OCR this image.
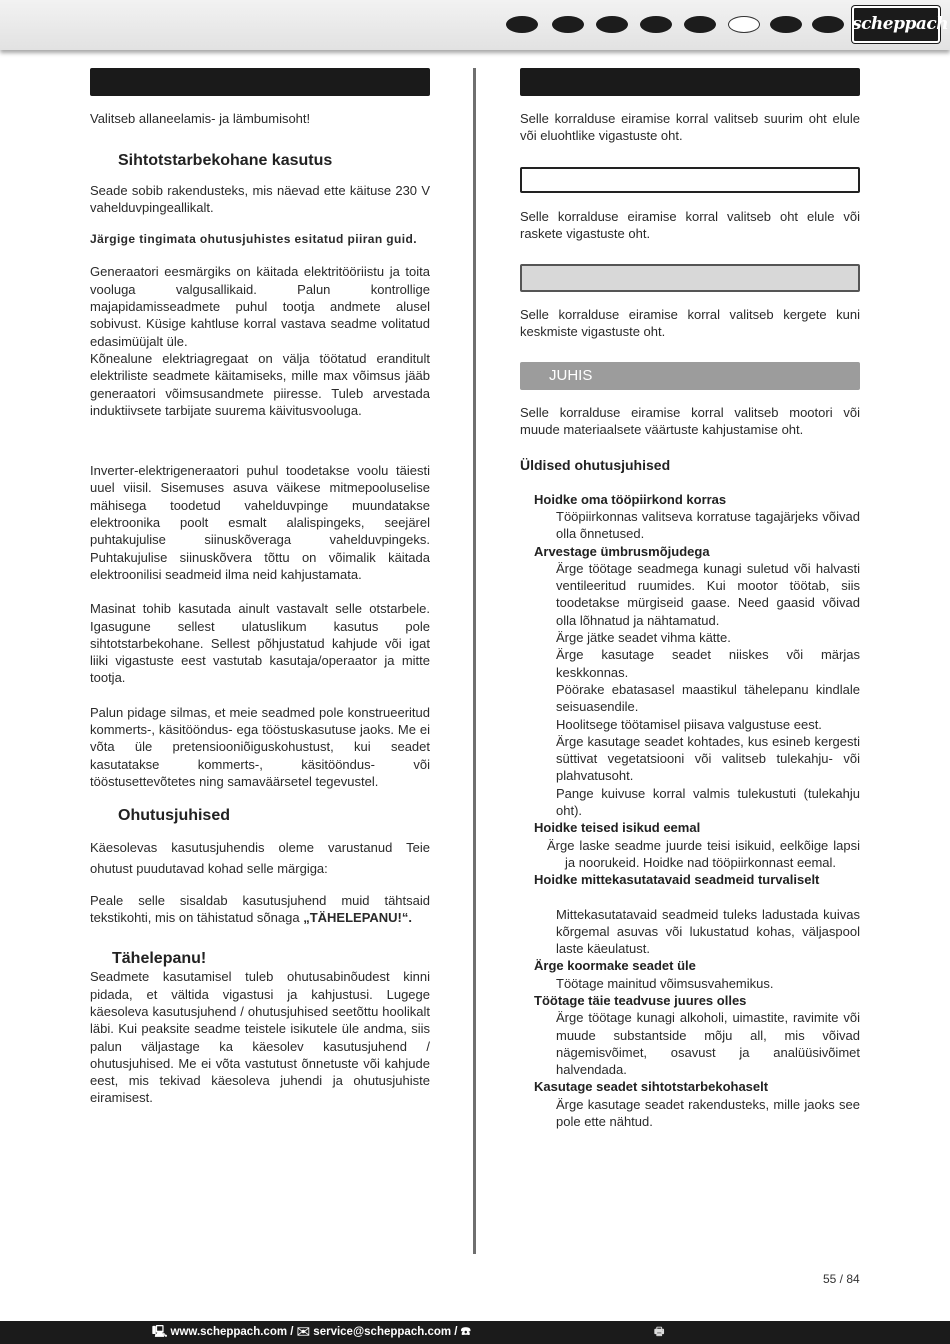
scheppach

Valitseb allaneelamis- ja lämbumisoht!

Sihtotstarbekohane kasutus

Seade sobib rakendusteks, mis näevad ette käituse 230 V vahelduvpingeallikalt.

Järgige tingimata ohutusjuhistes esitatud piiran guid.

Generaatori eesmärgiks on käitada elektritööriistu ja toita vooluga valgusallikaid. Palun kontrollige majapidamisseadmete puhul tootja andmete alusel sobivust. Küsige kahtluse korral vastava seadme volitatud edasimüüjalt üle.

Kõnealune elektriagregaat on välja töötatud eranditult elektriliste seadmete käitamiseks, mille max võimsus jääb generaatori võimsusandmete piiresse. Tuleb arvestada induktiivsete tarbijate suurema käivitusvooluga.

Inverter-elektrigeneraatori puhul toodetakse voolu täiesti uuel viisil. Sisemuses asuva väikese mitmepooluselise mähisega toodetud vahelduvpinge muundatakse elektroonika poolt esmalt alalispingeks, seejärel puhtakujulise siinuskõveraga vahelduvpingeks. Puhtakujulise siinuskõvera tõttu on võimalik käitada elektroonilisi seadmeid ilma neid kahjustamata.

Masinat tohib kasutada ainult vastavalt selle otstarbele. Igasugune sellest ulatuslikum kasutus pole sihtotstarbekohane. Sellest põhjustatud kahjude või igat liiki vigastuste eest vastutab kasutaja/operaator ja mitte tootja.

Palun pidage silmas, et meie seadmed pole konstrueeritud kommerts-, käsitööndus- ega tööstuskasutuse jaoks. Me ei võta üle pretensiooniõiguskohustust, kui seadet kasutatakse kommerts-, käsitööndus- või tööstusettevõtetes ning samaväärsetel tegevustel.

Ohutusjuhised

Käesolevas kasutusjuhendis oleme varustanud Teie ohutust puudutavad kohad selle märgiga:

Peale selle sisaldab kasutusjuhend muid tähtsaid tekstikohti, mis on tähistatud sõnaga „TÄHELEPANU!“.

Tähelepanu!

Seadmete kasutamisel tuleb ohutusabinõudest kinni pidada, et vältida vigastusi ja kahjustusi. Lugege käesoleva kasutusjuhend / ohutusjuhised seetõttu hoolikalt läbi. Kui peaksite seadme teistele isikutele üle andma, siis palun väljastage ka käesolev kasutusjuhend / ohutusjuhised. Me ei võta vastutust õnnetuste või kahjude eest, mis tekivad käesoleva juhendi ja ohutusjuhiste eiramisest.

Selle korralduse eiramise korral valitseb suurim oht elule või eluohtlike vigastuste oht.

Selle korralduse eiramise korral valitseb oht elule või raskete vigastuste oht.

Selle korralduse eiramise korral valitseb kergete kuni keskmiste vigastuste oht.

JUHIS

Selle korralduse eiramise korral valitseb mootori või muude materiaalsete väärtuste kahjustamise oht.

Üldised ohutusjuhised
Hoidke oma tööpiirkond korras

Tööpiirkonnas valitseva korratuse tagajärjeks võivad olla õnnetused.

Arvestage ümbrusmõjudega

Ärge töötage seadmega kunagi suletud või halvasti ventileeritud ruumides. Kui mootor töötab, siis toodetakse mürgiseid gaase. Need gaasid võivad olla lõhnatud ja nähtamatud.

Ärge jätke seadet vihma kätte.

Ärge kasutage seadet niiskes või märjas keskkonnas.

Pöörake ebatasasel maastikul tähelepanu kindlale seisuasendile.

Hoolitsege töötamisel piisava valgustuse eest.

Ärge kasutage seadet kohtades, kus esineb kergesti süttivat vegetatsiooni või valitseb tulekahju- või plahvatusoht.

Pange kuivuse korral valmis tulekustuti (tulekahju oht).

Hoidke teised isikud eemal

Ärge laske seadme juurde teisi isikuid, eelkõige lapsi ja noorukeid. Hoidke nad tööpiirkonnast eemal.

Hoidke mittekasutatavaid seadmeid turvaliselt

Mittekasutatavaid seadmeid tuleks ladustada kuivas kõrgemal asuvas või lukustatud kohas, väljaspool laste käeulatust.

Ärge koormake seadet üle

Töötage mainitud võimsusvahemikus.

Töötage täie teadvuse juures olles

Ärge töötage kunagi alkoholi, uimastite, ravimite või muude substantside mõju all, mis võivad nägemisvõimet, osavust ja analüüsivõimet halvendada.

Kasutage seadet sihtotstarbekohaselt

Ärge kasutage seadet rakendusteks, mille jaoks see pole ette nähtud.

55 / 84
🖳︎ www.scheppach.com / ✉ service@scheppach.com / ☎	🖶︎
